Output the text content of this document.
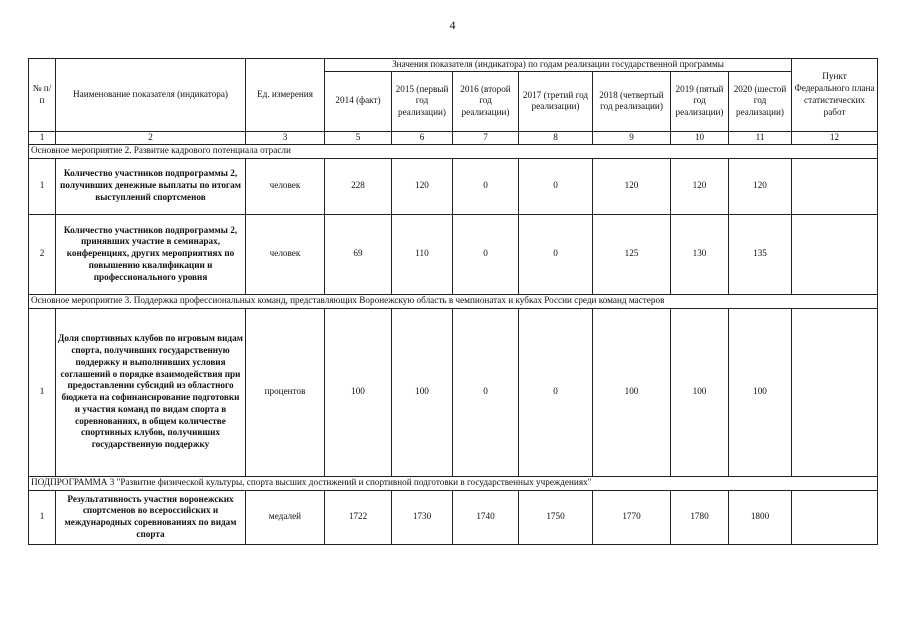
4
№ п/п	Наименование показателя (индикатора)	Ед. измерения	Значения показателя (индикатора) по годам реализации государственной программы							Пункт Федерального плана статистических работ
			2014 (факт)	2015 (первый год реализации)	2016 (второй год реализации)	2017 (третий год реализации)	2018 (четвертый год реализации)	2019 (пятый год реализации)	2020 (шестой год реализации)	
1	2	3	5	6	7	8	9	10	11	12
Основное мероприятие 2. Развитие кадрового потенциала отрасли										
1	Количество участников подпрограммы 2, получивших денежные выплаты по итогам выступлений спортсменов	человек	228	120	0	0	120	120	120	
2	Количество участников подпрограммы 2, принявших участие в семинарах, конференциях, других мероприятиях по повышению квалификации и профессионального уровня	человек	69	110	0	0	125	130	135	
Основное мероприятие 3. Поддержка профессиональных команд, представляющих Воронежскую область в чемпионатах и кубках России среди команд мастеров										
1	Доля спортивных клубов по игровым видам спорта, получивших государственную поддержку и выполнивших условия соглашений о порядке взаимодействия при предоставлении субсидий из областного бюджета на софинансирование подготовки и участия команд по видам спорта в соревнованиях, в общем количестве спортивных клубов, получивших государственную поддержку	процентов	100	100	0	0	100	100	100	
ПОДПРОГРАММА 3 "Развитие физической культуры, спорта высших достижений и спортивной подготовки в государственных учреждениях"										
1	Результативность участия воронежских спортсменов во всероссийских и международных соревнованиях по видам спорта	медалей	1722	1730	1740	1750	1770	1780	1800	
